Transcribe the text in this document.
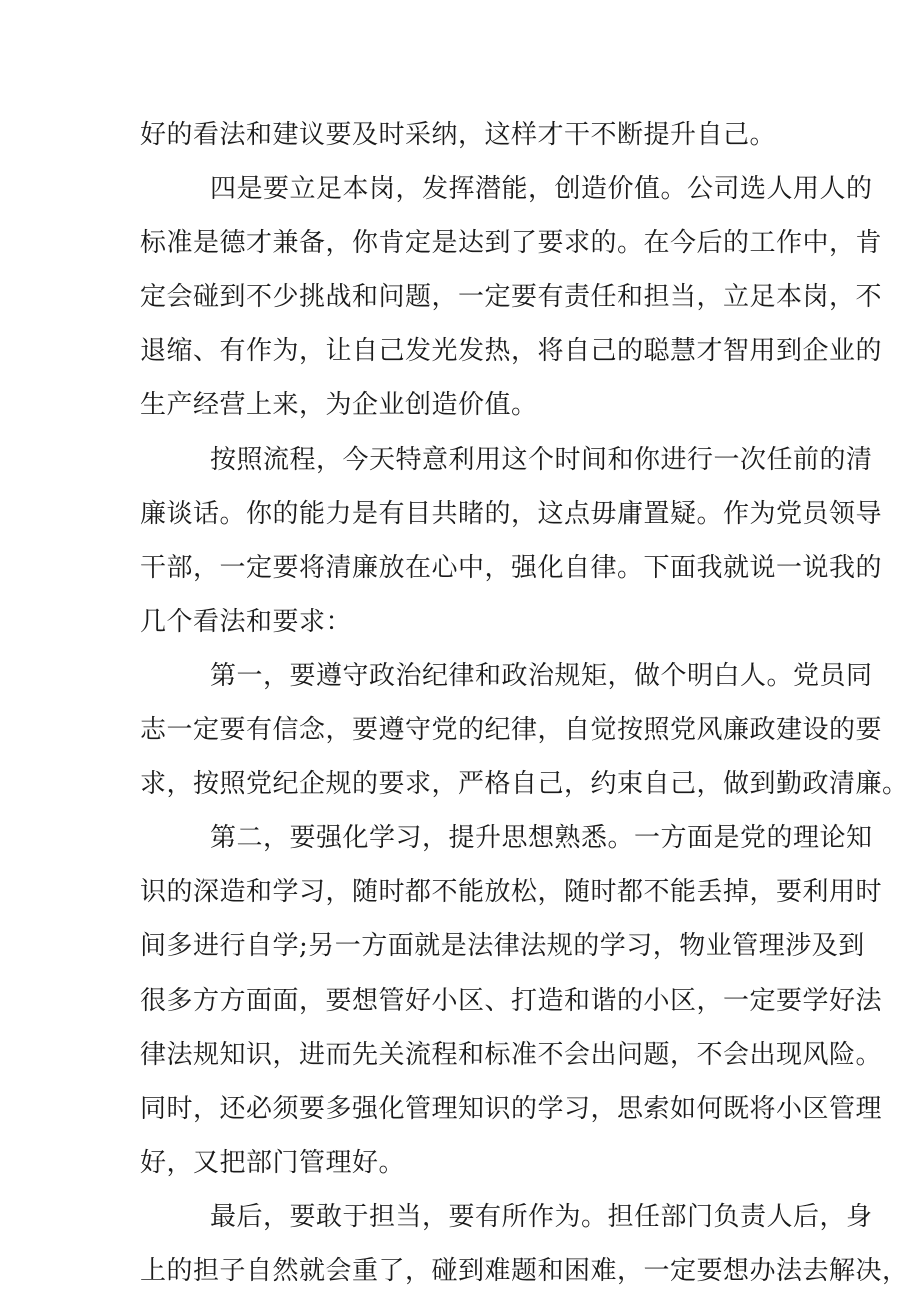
好的看法和建议要及时采纳，这样才干不断提升自己。
四是要立足本岗，发挥潜能，创造价值。公司选人用人的
标准是德才兼备，你肯定是达到了要求的。在今后的工作中，肯
定会碰到不少挑战和问题，一定要有责任和担当，立足本岗，不
退缩、有作为，让自己发光发热，将自己的聪慧才智用到企业的
生产经营上来，为企业创造价值。
按照流程，今天特意利用这个时间和你进行一次任前的清
廉谈话。你的能力是有目共睹的，这点毋庸置疑。作为党员领导
干部，一定要将清廉放在心中，强化自律。下面我就说一说我的
几个看法和要求：
第一，要遵守政治纪律和政治规矩，做个明白人。党员同
志一定要有信念，要遵守党的纪律，自觉按照党风廉政建设的要
求，按照党纪企规的要求，严格自己，约束自己，做到勤政清廉。
第二，要强化学习，提升思想熟悉。一方面是党的理论知
识的深造和学习，随时都不能放松，随时都不能丢掉，要利用时
间多进行自学;另一方面就是法律法规的学习，物业管理涉及到
很多方方面面，要想管好小区、打造和谐的小区，一定要学好法
律法规知识，进而先关流程和标准不会出问题，不会出现风险。
同时，还必须要多强化管理知识的学习，思索如何既将小区管理
好，又把部门管理好。
最后，要敢于担当，要有所作为。担任部门负责人后，身
上的担子自然就会重了，碰到难题和困难，一定要想办法去解决，
